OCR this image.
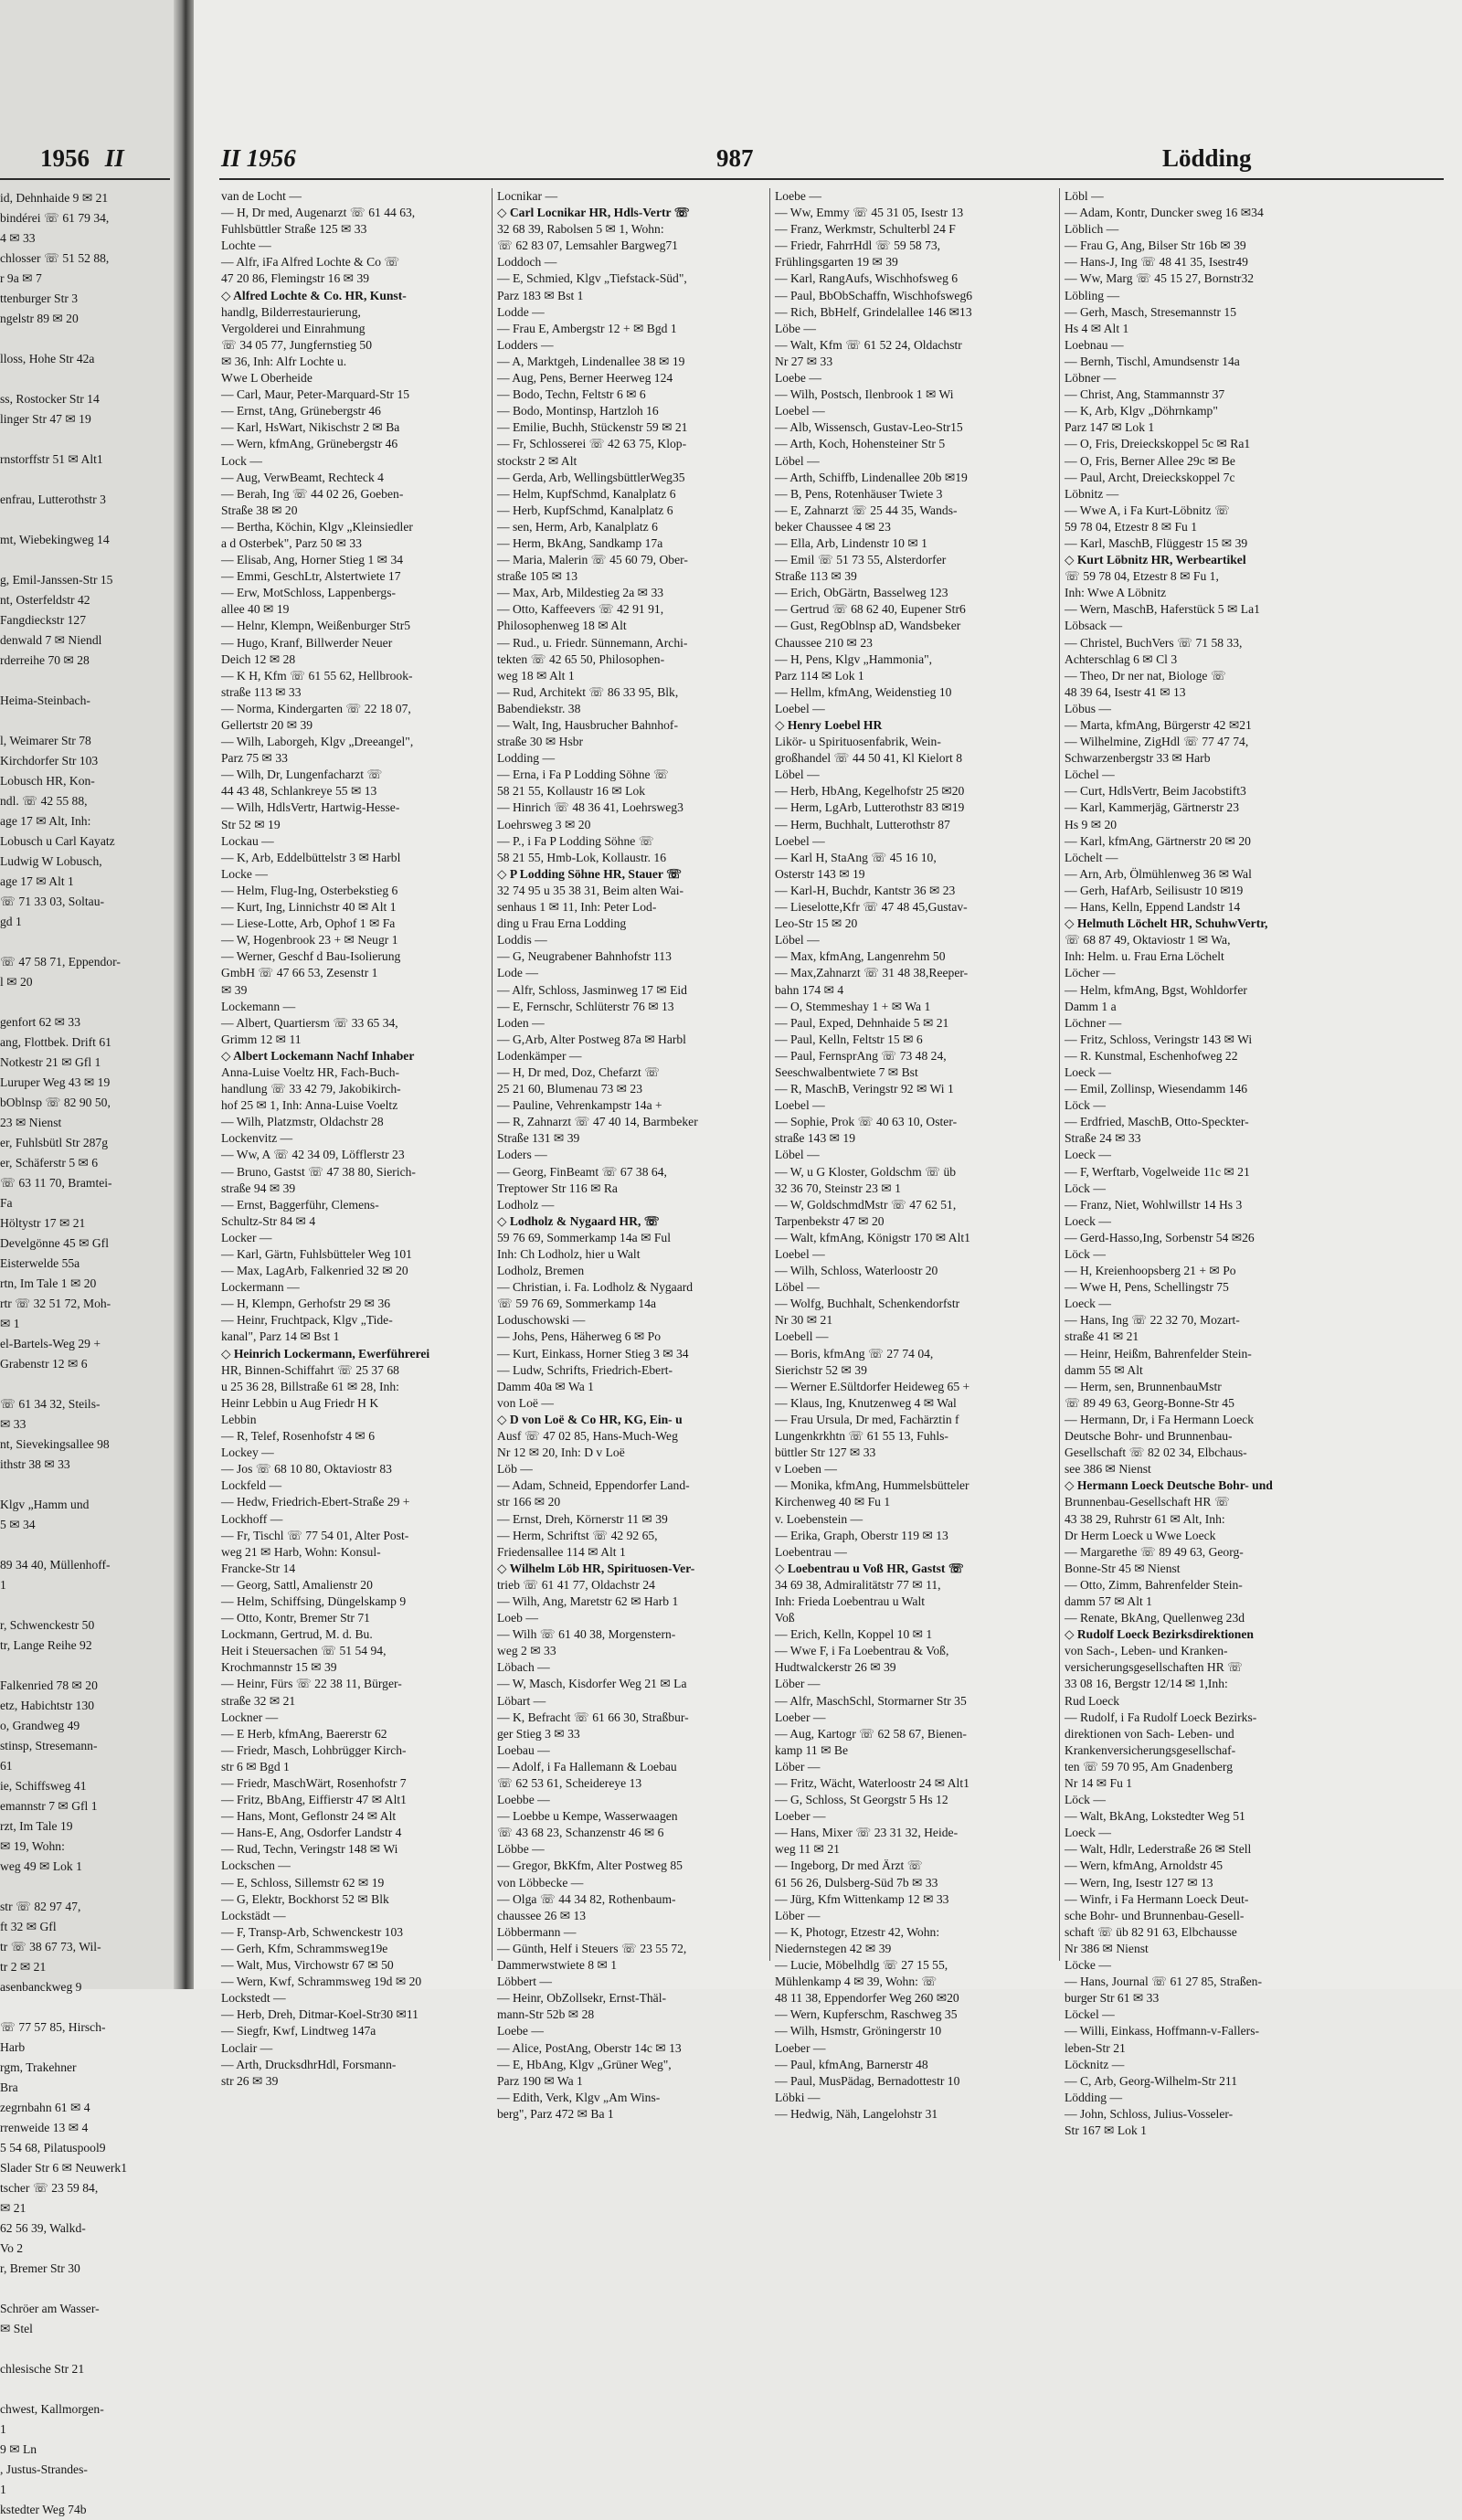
1956 II
id, Dehnhaide 9 ✉ 21
bindérei ☏ 61 79 34,
4 ✉ 33
chlosser ☏ 51 52 88,
r 9a ✉ 7
ttenburger Str 3
ngelstr 89 ✉ 20

lloss, Hohe Str 42a

ss, Rostocker Str 14
linger Str 47 ✉ 19

rnstorffstr 51 ✉ Alt1

enfrau, Lutterothstr 3

mt, Wiebekingweg 14

g, Emil-Janssen-Str 15
nt, Osterfeldstr 42
Fangdieckstr 127
denwald 7 ✉ Niendl
rderreihe 70 ✉ 28

Heima-Steinbach-

l, Weimarer Str 78
Kirchdorfer Str 103
Lobusch HR, Kon-
ndl. ☏ 42 55 88,
age 17 ✉ Alt, Inh:
Lobusch u Carl Kayatz
Ludwig W Lobusch,
age 17 ✉ Alt 1
☏ 71 33 03, Soltau-
gd 1

☏ 47 58 71, Eppendor-
l ✉ 20

genfort 62 ✉ 33
ang, Flottbek. Drift 61
Notkestr 21 ✉ Gfl 1
Luruper Weg 43 ✉ 19
bOblnsp ☏ 82 90 50,
23 ✉ Nienst
er, Fuhlsbütl Str 287g
er, Schäferstr 5 ✉ 6
☏ 63 11 70, Bramtei-
Fa
Höltystr 17 ✉ 21
Develgönne 45 ✉ Gfl
Eisterwelde 55a
rtn, Im Tale 1 ✉ 20
rtr ☏ 32 51 72, Moh-
✉ 1
el-Bartels-Weg 29 +
Grabenstr 12 ✉ 6

☏ 61 34 32, Steils-
✉ 33
nt, Sievekingsallee 98
ithstr 38 ✉ 33

Klgv „Hamm und
5 ✉ 34

89 34 40, Müllenhoff-
1

r, Schwenckestr 50
tr, Lange Reihe 92

Falkenried 78 ✉ 20
etz, Habichtstr 130
o, Grandweg 49
stinsp, Stresemann-
61
ie, Schiffsweg 41
emannstr 7 ✉ Gfl 1
rzt, Im Tale 19
✉ 19, Wohn:
weg 49 ✉ Lok 1

str ☏ 82 97 47,
ft 32 ✉ Gfl
tr ☏ 38 67 73, Wil-
tr 2 ✉ 21
asenbanckweg 9

☏ 77 57 85, Hirsch-
Harb
rgm, Trakehner
Bra
zegrnbahn 61 ✉ 4
rrenweide 13 ✉ 4
5 54 68, Pilatuspool9
Slader Str 6 ✉ Neuwerk1
tscher ☏ 23 59 84,
✉ 21
62 56 39, Walkd-
Vo 2
r, Bremer Str 30

Schröer am Wasser-
✉ Stel

chlesische Str 21

chwest, Kallmorgen-
1
9 ✉ Ln
, Justus-Strandes-
1
kstedter Weg 74b
II 1956	987	Lödding
van de Locht —
— H, Dr med, Augenarzt ☏ 61 44 63,
Fuhlsbüttler Straße 125 ✉ 33
Lochte —
— Alfr, iFa Alfred Lochte & Co ☏
47 20 86, Flemingstr 16 ✉ 39
◇ Alfred Lochte & Co. HR, Kunst-
handlg, Bilderrestaurierung,
Vergolderei und Einrahmung
☏ 34 05 77, Jungfernstieg 50
✉ 36, Inh: Alfr Lochte u.
Wwe L Oberheide
— Carl, Maur, Peter-Marquard-Str 15
— Ernst, tAng, Grünebergstr 46
— Karl, HsWart, Nikischstr 2 ✉ Ba
— Wern, kfmAng, Grünebergstr 46
Lock —
— Aug, VerwBeamt, Rechteck 4
— Berah, Ing ☏ 44 02 26, Goeben-
Straße 38 ✉ 20
— Bertha, Köchin, Klgv „Kleinsiedler
a d Osterbek", Parz 50 ✉ 33
— Elisab, Ang, Horner Stieg 1 ✉ 34
— Emmi, GeschLtr, Alstertwiete 17
— Erw, MotSchloss, Lappenbergs-
allee 40 ✉ 19
— Helnr, Klempn, Weißenburger Str5
— Hugo, Kranf, Billwerder Neuer
Deich 12 ✉ 28
— K H, Kfm ☏ 61 55 62, Hellbrook-
straße 113 ✉ 33
— Norma, Kindergarten ☏ 22 18 07,
Gellertstr 20 ✉ 39
— Wilh, Laborgeh, Klgv „Dreeangel",
Parz 75 ✉ 33
— Wilh, Dr, Lungenfacharzt ☏
44 43 48, Schlankreye 55 ✉ 13
— Wilh, HdlsVertr, Hartwig-Hesse-
Str 52 ✉ 19
Lockau —
— K, Arb, Eddelbüttelstr 3 ✉ Harbl
Locke —
— Helm, Flug-Ing, Osterbekstieg 6
— Kurt, Ing, Linnichstr 40 ✉ Alt 1
— Liese-Lotte, Arb, Ophof 1 ✉ Fa
— W, Hogenbrook 23 + ✉ Neugr 1
— Werner, Geschf d Bau-Isolierung
GmbH ☏ 47 66 53, Zesenstr 1
✉ 39
Lockemann —
— Albert, Quartiersm ☏ 33 65 34,
Grimm 12 ✉ 11
◇ Albert Lockemann Nachf Inhaber
Anna-Luise Voeltz HR, Fach-Buch-
handlung ☏ 33 42 79, Jakobikirch-
hof 25 ✉ 1, Inh: Anna-Luise Voeltz
— Wilh, Platzmstr, Oldachstr 28
Lockenvitz —
— Ww, A ☏ 42 34 09, Löfflerstr 23
— Bruno, Gastst ☏ 47 38 80, Sierich-
straße 94 ✉ 39
— Ernst, Baggerführ, Clemens-
Schultz-Str 84 ✉ 4
Locker —
— Karl, Gärtn, Fuhlsbütteler Weg 101
— Max, LagArb, Falkenried 32 ✉ 20
Lockermann —
— H, Klempn, Gerhofstr 29 ✉ 36
— Heinr, Fruchtpack, Klgv „Tide-
kanal", Parz 14 ✉ Bst 1
◇ Heinrich Lockermann, Ewerführerei
HR, Binnen-Schiffahrt ☏ 25 37 68
u 25 36 28, Billstraße 61 ✉ 28, Inh:
Heinr Lebbin u Aug Friedr H K
Lebbin
— R, Telef, Rosenhofstr 4 ✉ 6
Lockey —
— Jos ☏ 68 10 80, Oktaviostr 83
Lockfeld —
— Hedw, Friedrich-Ebert-Straße 29 +
Lockhoff —
— Fr, Tischl ☏ 77 54 01, Alter Post-
weg 21 ✉ Harb, Wohn: Konsul-
Francke-Str 14
— Georg, Sattl, Amalienstr 20
— Helm, Schiffsing, Düngelskamp 9
— Otto, Kontr, Bremer Str 71
Lockmann, Gertrud, M. d. Bu.
Heit i Steuersachen ☏ 51 54 94,
Krochmannstr 15 ✉ 39
— Heinr, Fürs ☏ 22 38 11, Bürger-
straße 32 ✉ 21
Lockner —
— E Herb, kfmAng, Baererstr 62
— Friedr, Masch, Lohbrügger Kirch-
str 6 ✉ Bgd 1
— Friedr, MaschWärt, Rosenhofstr 7
— Fritz, BbAng, Eiffierstr 47 ✉ Alt1
— Hans, Mont, Geflonstr 24 ✉ Alt
— Hans-E, Ang, Osdorfer Landstr 4
— Rud, Techn, Veringstr 148 ✉ Wi
Lockschen —
— E, Schloss, Sillemstr 62 ✉ 19
— G, Elektr, Bockhorst 52 ✉ Blk
Lockstädt —
— F, Transp-Arb, Schwenckestr 103
— Gerh, Kfm, Schrammsweg19e
— Walt, Mus, Virchowstr 67 ✉ 50
— Wern, Kwf, Schrammsweg 19d ✉ 20
Lockstedt —
— Herb, Dreh, Ditmar-Koel-Str30 ✉11
— Siegfr, Kwf, Lindtweg 147a
Loclair —
— Arth, DrucksdhrHdl, Forsmann-
str 26 ✉ 39
Locnikar —
◇ Carl Locnikar HR, Hdls-Vertr ☏
32 68 39, Rabolsen 5 ✉ 1, Wohn:
☏ 62 83 07, Lemsahler Bargweg71
Loddoch —
— E, Schmied, Klgv „Tiefstack-Süd",
Parz 183 ✉ Bst 1
Lodde —
— Frau E, Ambergstr 12 + ✉ Bgd 1
Lodders —
— A, Marktgeh, Lindenallee 38 ✉ 19
— Aug, Pens, Berner Heerweg 124
— Bodo, Techn, Feltstr 6 ✉ 6
— Bodo, Montinsp, Hartzloh 16
— Emilie, Buchh, Stückenstr 59 ✉ 21
— Fr, Schlosserei ☏ 42 63 75, Klop-
stockstr 2 ✉ Alt
— Gerda, Arb, WellingsbüttlerWeg35
— Helm, KupfSchmd, Kanalplatz 6
— Herb, KupfSchmd, Kanalplatz 6
— sen, Herm, Arb, Kanalplatz 6
— Herm, BkAng, Sandkamp 17a
— Maria, Malerin ☏ 45 60 79, Ober-
straße 105 ✉ 13
— Max, Arb, Mildestieg 2a ✉ 33
— Otto, Kaffeevers ☏ 42 91 91,
Philosophenweg 18 ✉ Alt
— Rud., u. Friedr. Sünnemann, Archi-
tekten ☏ 42 65 50, Philosophen-
weg 18 ✉ Alt 1
— Rud, Architekt ☏ 86 33 95, Blk,
Babendiekstr. 38
— Walt, Ing, Hausbrucher Bahnhof-
straße 30 ✉ Hsbr
Lodding —
— Erna, i Fa P Lodding Söhne ☏
58 21 55, Kollaustr 16 ✉ Lok
— Hinrich ☏ 48 36 41, Loehrsweg3
Loehrsweg 3 ✉ 20
— P., i Fa P Lodding Söhne ☏
58 21 55, Hmb-Lok, Kollaustr. 16
◇ P Lodding Söhne HR, Stauer ☏
32 74 95 u 35 38 31, Beim alten Wai-
senhaus 1 ✉ 11, Inh: Peter Lod-
ding u Frau Erna Lodding
Loddis —
— G, Neugrabener Bahnhofstr 113
Lode —
— Alfr, Schloss, Jasminweg 17 ✉ Eid
— E, Fernschr, Schlüterstr 76 ✉ 13
Loden —
— G,Arb, Alter Postweg 87a ✉ Harbl
Lodenkämper —
— H, Dr med, Doz, Chefarzt ☏
25 21 60, Blumenau 73 ✉ 23
— Pauline, Vehrenkampstr 14a +
— R, Zahnarzt ☏ 47 40 14, Barmbeker
Straße 131 ✉ 39
Loders —
— Georg, FinBeamt ☏ 67 38 64,
Treptower Str 116 ✉ Ra
Lodholz —
◇ Lodholz & Nygaard HR, ☏
59 76 69, Sommerkamp 14a ✉ Ful
Inh: Ch Lodholz, hier u Walt
Lodholz, Bremen
— Christian, i. Fa. Lodholz & Nygaard
☏ 59 76 69, Sommerkamp 14a
Loduschowski —
— Johs, Pens, Häherweg 6 ✉ Po
— Kurt, Einkass, Horner Stieg 3 ✉ 34
— Ludw, Schrifts, Friedrich-Ebert-
Damm 40a ✉ Wa 1
von Loë —
◇ D von Loë & Co HR, KG, Ein- u
Ausf ☏ 47 02 85, Hans-Much-Weg
Nr 12 ✉ 20, Inh: D v Loë
Löb —
— Adam, Schneid, Eppendorfer Land-
str 166 ✉ 20
— Ernst, Dreh, Körnerstr 11 ✉ 39
— Herm, Schriftst ☏ 42 92 65,
Friedensallee 114 ✉ Alt 1
◇ Wilhelm Löb HR, Spirituosen-Ver-
trieb ☏ 61 41 77, Oldachstr 24
— Wilh, Ang, Maretstr 62 ✉ Harb 1
Loeb —
— Wilh ☏ 61 40 38, Morgenstern-
weg 2 ✉ 33
Löbach —
— W, Masch, Kisdorfer Weg 21 ✉ La
Löbart —
— K, Befracht ☏ 61 66 30, Straßbur-
ger Stieg 3 ✉ 33
Loebau —
— Adolf, i Fa Hallemann & Loebau
☏ 62 53 61, Scheidereye 13
Loebbe —
— Loebbe u Kempe, Wasserwaagen
☏ 43 68 23, Schanzenstr 46 ✉ 6
Löbbe —
— Gregor, BkKfm, Alter Postweg 85
von Löbbecke —
— Olga ☏ 44 34 82, Rothenbaum-
chaussee 26 ✉ 13
Löbbermann —
— Günth, Helf i Steuers ☏ 23 55 72,
Dammerwstwiete 8 ✉ 1
Löbbert —
— Heinr, ObZollsekr, Ernst-Thäl-
mann-Str 52b ✉ 28
Loebe —
— Alice, PostAng, Oberstr 14c ✉ 13
— E, HbAng, Klgv „Grüner Weg",
Parz 190 ✉ Wa 1
— Edith, Verk, Klgv „Am Wins-
berg", Parz 472 ✉ Ba 1
Loebe —
— Ww, Emmy ☏ 45 31 05, Isestr 13
— Franz, Werkmstr, Schulterbl 24 F
— Friedr, FahrrHdl ☏ 59 58 73,
Frühlingsgarten 19 ✉ 39
— Karl, RangAufs, Wischhofsweg 6
— Paul, BbObSchaffn, Wischhofsweg6
— Rich, BbHelf, Grindelallee 146 ✉13
Löbe —
— Walt, Kfm ☏ 61 52 24, Oldachstr
Nr 27 ✉ 33
Loebe —
— Wilh, Postsch, Ilenbrook 1 ✉ Wi
Loebel —
— Alb, Wissensch, Gustav-Leo-Str15
— Arth, Koch, Hohensteiner Str 5
Löbel —
— Arth, Schiffb, Lindenallee 20b ✉19
— B, Pens, Rotenhäuser Twiete 3
— E, Zahnarzt ☏ 25 44 35, Wands-
beker Chaussee 4 ✉ 23
— Ella, Arb, Lindenstr 10 ✉ 1
— Emil ☏ 51 73 55, Alsterdorfer
Straße 113 ✉ 39
— Erich, ObGärtn, Basselweg 123
— Gertrud ☏ 68 62 40, Eupener Str6
— Gust, RegOblnsp aD, Wandsbeker
Chaussee 210 ✉ 23
— H, Pens, Klgv „Hammonia",
Parz 114 ✉ Lok 1
— Hellm, kfmAng, Weidenstieg 10
Loebel —
◇ Henry Loebel HR
Likör- u Spirituosenfabrik, Wein-
großhandel ☏ 44 50 41, Kl Kielort 8
Löbel —
— Herb, HbAng, Kegelhofstr 25 ✉20
— Herm, LgArb, Lutterothstr 83 ✉19
— Herm, Buchhalt, Lutterothstr 87
Loebel —
— Karl H, StaAng ☏ 45 16 10,
Osterstr 143 ✉ 19
— Karl-H, Buchdr, Kantstr 36 ✉ 23
— Lieselotte,Kfr ☏ 47 48 45,Gustav-
Leo-Str 15 ✉ 20
Löbel —
— Max, kfmAng, Langenrehm 50
— Max,Zahnarzt ☏ 31 48 38,Reeper-
bahn 174 ✉ 4
— O, Stemmeshay 1 + ✉ Wa 1
— Paul, Exped, Dehnhaide 5 ✉ 21
— Paul, Kelln, Feltstr 15 ✉ 6
— Paul, FernsprAng ☏ 73 48 24,
Seeschwalbentwiete 7 ✉ Bst
— R, MaschB, Veringstr 92 ✉ Wi 1
Loebel —
— Sophie, Prok ☏ 40 63 10, Oster-
straße 143 ✉ 19
Löbel —
— W, u G Kloster, Goldschm ☏ üb
32 36 70, Steinstr 23 ✉ 1
— W, GoldschmdMstr ☏ 47 62 51,
Tarpenbekstr 47 ✉ 20
— Walt, kfmAng, Königstr 170 ✉ Alt1
Loebel —
— Wilh, Schloss, Waterloostr 20
Löbel —
— Wolfg, Buchhalt, Schenkendorfstr
Nr 30 ✉ 21
Loebell —
— Boris, kfmAng ☏ 27 74 04,
Sierichstr 52 ✉ 39
— Werner E.Sültdorfer Heideweg 65 +
— Klaus, Ing, Knutzenweg 4 ✉ Wal
— Frau Ursula, Dr med, Fachärztin f
Lungenkrkhtn ☏ 61 55 13, Fuhls-
büttler Str 127 ✉ 33
v Loeben —
— Monika, kfmAng, Hummelsbütteler
Kirchenweg 40 ✉ Fu 1
v. Loebenstein —
— Erika, Graph, Oberstr 119 ✉ 13
Loebentrau —
◇ Loebentrau u Voß HR, Gastst ☏
34 69 38, Admiralitätstr 77 ✉ 11,
Inh: Frieda Loebentrau u Walt
Voß
— Erich, Kelln, Koppel 10 ✉ 1
— Wwe F, i Fa Loebentrau & Voß,
Hudtwalckerstr 26 ✉ 39
Löber —
— Alfr, MaschSchl, Stormarner Str 35
Loeber —
— Aug, Kartogr ☏ 62 58 67, Bienen-
kamp 11 ✉ Be
Löber —
— Fritz, Wächt, Waterloostr 24 ✉ Alt1
— G, Schloss, St Georgstr 5 Hs 12
Loeber —
— Hans, Mixer ☏ 23 31 32, Heide-
weg 11 ✉ 21
— Ingeborg, Dr med Ärzt ☏
61 56 26, Dulsberg-Süd 7b ✉ 33
— Jürg, Kfm Wittenkamp 12 ✉ 33
Löber —
— K, Photogr, Etzestr 42, Wohn:
Niedernstegen 42 ✉ 39
— Lucie, Möbelhdlg ☏ 27 15 55,
Mühlenkamp 4 ✉ 39, Wohn: ☏
48 11 38, Eppendorfer Weg 260 ✉20
— Wern, Kupferschm, Raschweg 35
— Wilh, Hsmstr, Gröningerstr 10
Loeber —
— Paul, kfmAng, Barnerstr 48
— Paul, MusPädag, Bernadottestr 10
Löbki —
— Hedwig, Näh, Langelohstr 31
Löbl —
— Adam, Kontr, Duncker sweg 16 ✉34
Löblich —
— Frau G, Ang, Bilser Str 16b ✉ 39
— Hans-J, Ing ☏ 48 41 35, Isestr49
— Ww, Marg ☏ 45 15 27, Bornstr32
Löbling —
— Gerh, Masch, Stresemannstr 15
Hs 4 ✉ Alt 1
Loebnau —
— Bernh, Tischl, Amundsenstr 14a
Löbner —
— Christ, Ang, Stammannstr 37
— K, Arb, Klgv „Döhrnkamp"
Parz 147 ✉ Lok 1
— O, Fris, Dreieckskoppel 5c ✉ Ra1
— O, Fris, Berner Allee 29c ✉ Be
— Paul, Archt, Dreieckskoppel 7c
Löbnitz —
— Wwe A, i Fa Kurt-Löbnitz ☏
59 78 04, Etzestr 8 ✉ Fu 1
— Karl, MaschB, Flüggestr 15 ✉ 39
◇ Kurt Löbnitz HR, Werbeartikel
☏ 59 78 04, Etzestr 8 ✉ Fu 1,
Inh: Wwe A Löbnitz
— Wern, MaschB, Haferstück 5 ✉ La1
Löbsack —
— Christel, BuchVers ☏ 71 58 33,
Achterschlag 6 ✉ Cl 3
— Theo, Dr ner nat, Biologe ☏
48 39 64, Isestr 41 ✉ 13
Löbus —
— Marta, kfmAng, Bürgerstr 42 ✉21
— Wilhelmine, ZigHdl ☏ 77 47 74,
Schwarzenbergstr 33 ✉ Harb
Löchel —
— Curt, HdlsVertr, Beim Jacobstift3
— Karl, Kammerjäg, Gärtnerstr 23
Hs 9 ✉ 20
— Karl, kfmAng, Gärtnerstr 20 ✉ 20
Löchelt —
— Arn, Arb, Ölmühlenweg 36 ✉ Wal
— Gerh, HafArb, Seilisustr 10 ✉19
— Hans, Kelln, Eppend Landstr 14
◇ Helmuth Löchelt HR, SchuhwVertr,
☏ 68 87 49, Oktaviostr 1 ✉ Wa,
Inh: Helm. u. Frau Erna Löchelt
Löcher —
— Helm, kfmAng, Bgst, Wohldorfer
Damm 1 a
Löchner —
— Fritz, Schloss, Veringstr 143 ✉ Wi
— R. Kunstmal, Eschenhofweg 22
Loeck —
— Emil, Zollinsp, Wiesendamm 146
Löck —
— Erdfried, MaschB, Otto-Speckter-
Straße 24 ✉ 33
Loeck —
— F, Werftarb, Vogelweide 11c ✉ 21
Löck —
— Franz, Niet, Wohlwillstr 14 Hs 3
Loeck —
— Gerd-Hasso,Ing, Sorbenstr 54 ✉26
Löck —
— H, Kreienhoopsberg 21 + ✉ Po
— Wwe H, Pens, Schellingstr 75
Loeck —
— Hans, Ing ☏ 22 32 70, Mozart-
straße 41 ✉ 21
— Heinr, Heißm, Bahrenfelder Stein-
damm 55 ✉ Alt
— Herm, sen, BrunnenbauMstr
☏ 89 49 63, Georg-Bonne-Str 45
— Hermann, Dr, i Fa Hermann Loeck
Deutsche Bohr- und Brunnenbau-
Gesellschaft ☏ 82 02 34, Elbchaus-
see 386 ✉ Nienst
◇ Hermann Loeck Deutsche Bohr- und
Brunnenbau-Gesellschaft HR ☏
43 38 29, Ruhrstr 61 ✉ Alt, Inh:
Dr Herm Loeck u Wwe Loeck
— Margarethe ☏ 89 49 63, Georg-
Bonne-Str 45 ✉ Nienst
— Otto, Zimm, Bahrenfelder Stein-
damm 57 ✉ Alt 1
— Renate, BkAng, Quellenweg 23d
◇ Rudolf Loeck Bezirksdirektionen
von Sach-, Leben- und Kranken-
versicherungsgesellschaften HR ☏
33 08 16, Bergstr 12/14 ✉ 1,Inh:
Rud Loeck
— Rudolf, i Fa Rudolf Loeck Bezirks-
direktionen von Sach- Leben- und
Krankenversicherungsgesellschaf-
ten ☏ 59 70 95, Am Gnadenberg
Nr 14 ✉ Fu 1
Löck —
— Walt, BkAng, Lokstedter Weg 51
Loeck —
— Walt, Hdlr, Lederstraße 26 ✉ Stell
— Wern, kfmAng, Arnoldstr 45
— Wern, Ing, Isestr 127 ✉ 13
— Winfr, i Fa Hermann Loeck Deut-
sche Bohr- und Brunnenbau-Gesell-
schaft ☏ üb 82 91 63, Elbchausse
Nr 386 ✉ Nienst
Löcke —
— Hans, Journal ☏ 61 27 85, Straßen-
burger Str 61 ✉ 33
Löckel —
— Willi, Einkass, Hoffmann-v-Fallers-
leben-Str 21
Löcknitz —
— C, Arb, Georg-Wilhelm-Str 211
Lödding —
— John, Schloss, Julius-Vosseler-
Str 167 ✉ Lok 1
